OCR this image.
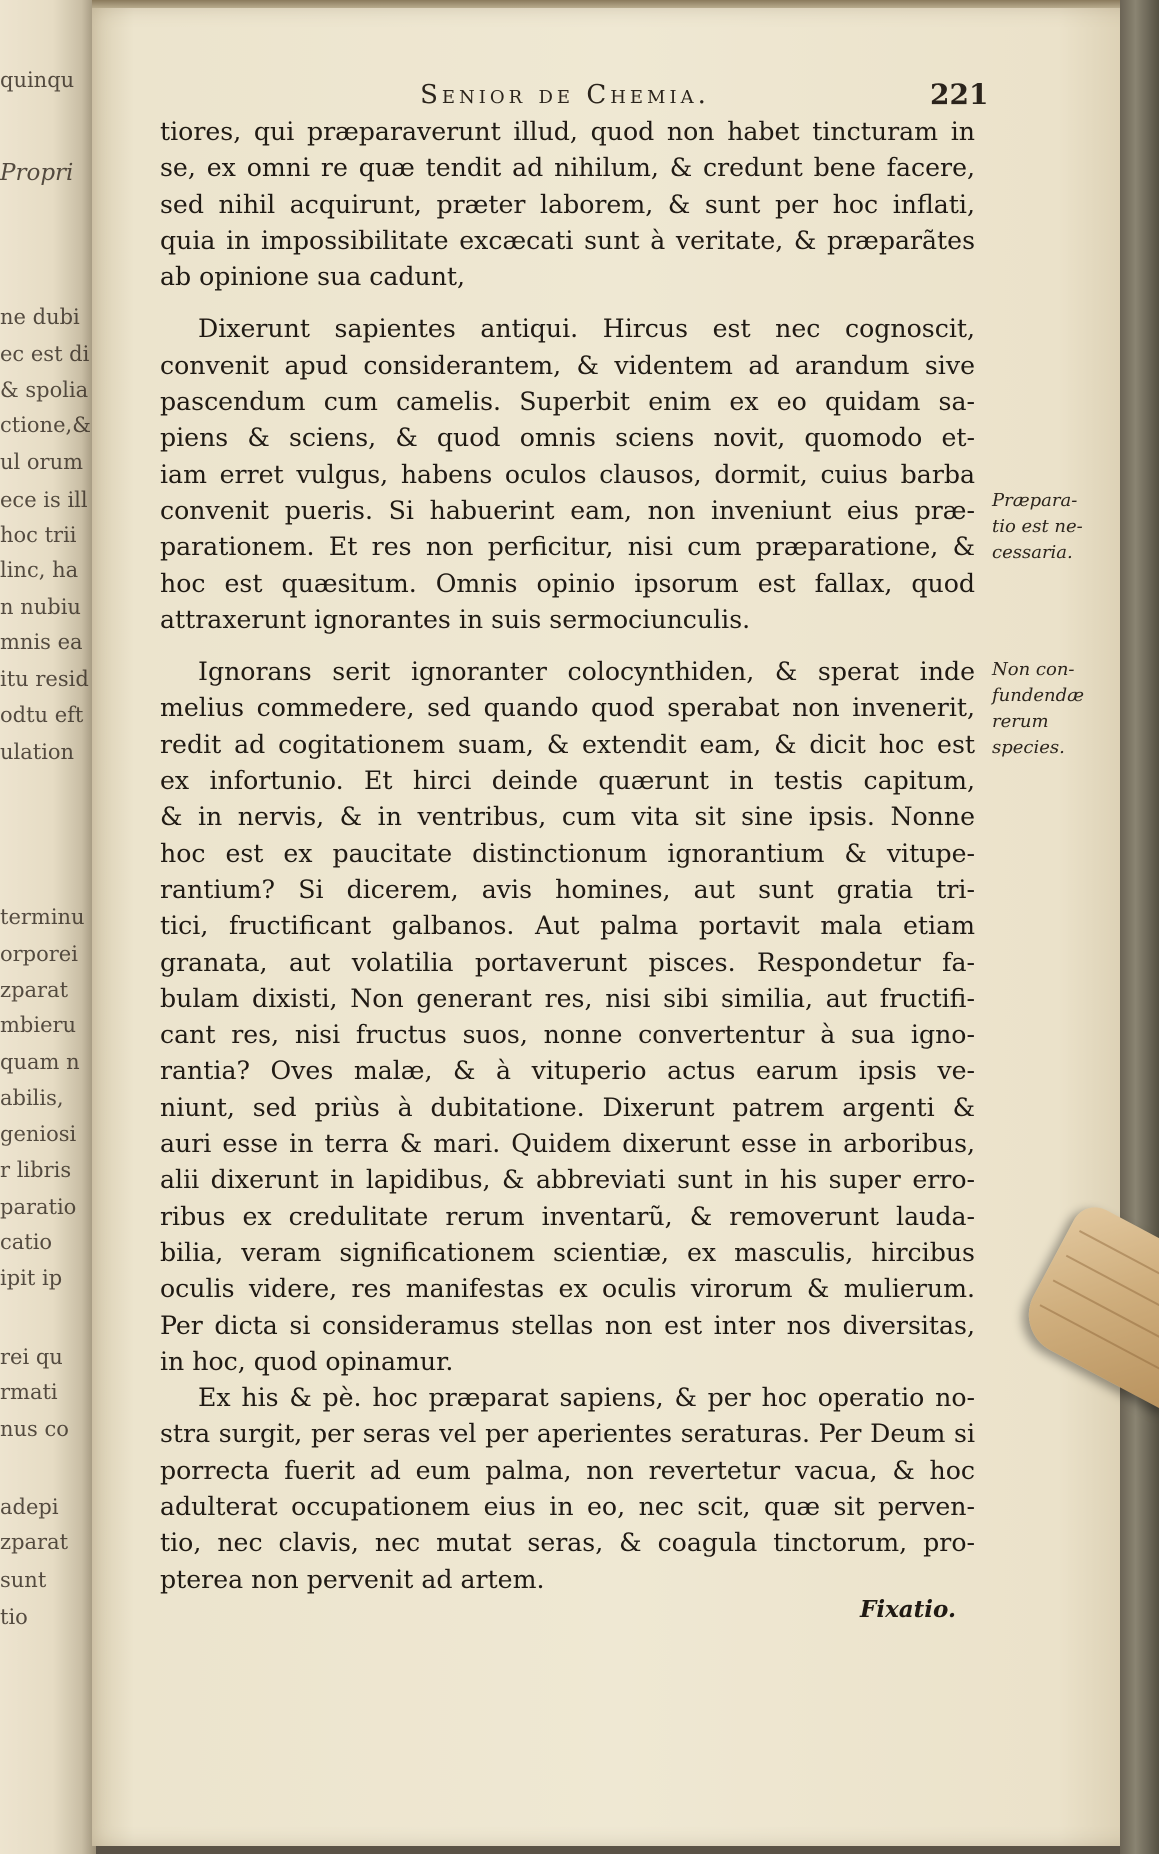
quinqu
Propri
ne dubi
ec est di
& spolia
ctione,&
ul orum
ece is ill
hoc trii
linc, ha
n nubiu
mnis ea
itu resid
odtu eft
ulation
terminu
orporei
zparat
mbieru
quam n
abilis,
geniosi
r libris
paratio
catio
ipit ip
rei qu
rmati
nus co
adepi
zparat
sunt
tio
Senior de Chemia.	221

tiores, qui præparaverunt illud, quod non habet tincturam in

se, ex omni re quæ tendit ad nihilum, & credunt bene facere,

sed nihil acquirunt, præter laborem, & sunt per hoc inflati,

quia in impossibilitate excæcati sunt à veritate, & præparãtes

ab opinione sua cadunt,

Dixerunt sapientes antiqui. Hircus est nec cognoscit,

convenit apud considerantem, & videntem ad arandum sive

pascendum cum camelis. Superbit enim ex eo quidam sa-

piens & sciens, & quod omnis sciens novit, quomodo et-

iam erret vulgus, habens oculos clausos, dormit, cuius barba

convenit pueris. Si habuerint eam, non inveniunt eius præ-

parationem. Et res non perficitur, nisi cum præparatione, &

hoc est quæsitum. Omnis opinio ipsorum est fallax, quod

attraxerunt ignorantes in suis sermociunculis.

Ignorans serit ignoranter colocynthiden, & sperat inde

melius commedere, sed quando quod sperabat non invenerit,

redit ad cogitationem suam, & extendit eam, & dicit hoc est

ex infortunio. Et hirci deinde quærunt in testis capitum,

& in nervis, & in ventribus, cum vita sit sine ipsis. Nonne

hoc est ex paucitate distinctionum ignorantium & vitupe-

rantium? Si dicerem, avis homines, aut sunt gratia tri-

tici, fructificant galbanos. Aut palma portavit mala etiam

granata, aut volatilia portaverunt pisces. Respondetur fa-

bulam dixisti, Non generant res, nisi sibi similia, aut fructifi-

cant res, nisi fructus suos, nonne convertentur à sua igno-

rantia? Oves malæ, & à vituperio actus earum ipsis ve-

niunt, sed priùs à dubitatione. Dixerunt patrem argenti &

auri esse in terra & mari. Quidem dixerunt esse in arboribus,

alii dixerunt in lapidibus, & abbreviati sunt in his super erro-

ribus ex credulitate rerum inventarũ, & removerunt lauda-

bilia, veram significationem scientiæ, ex masculis, hircibus

oculis videre, res manifestas ex oculis virorum & mulierum.

Per dicta si consideramus stellas non est inter nos diversitas,

in hoc, quod opinamur.

Ex his & pè. hoc præparat sapiens, & per hoc operatio no-

stra surgit, per seras vel per aperientes seraturas. Per Deum si

porrecta fuerit ad eum palma, non revertetur vacua, & hoc

adulterat occupationem eius in eo, nec scit, quæ sit perven-

tio, nec clavis, nec mutat seras, & coagula tinctorum, pro-

pterea non pervenit ad artem.

Præpara-
tio est ne-
cessaria.
Non con-
fundendæ
rerum
species.
Fixatio.
